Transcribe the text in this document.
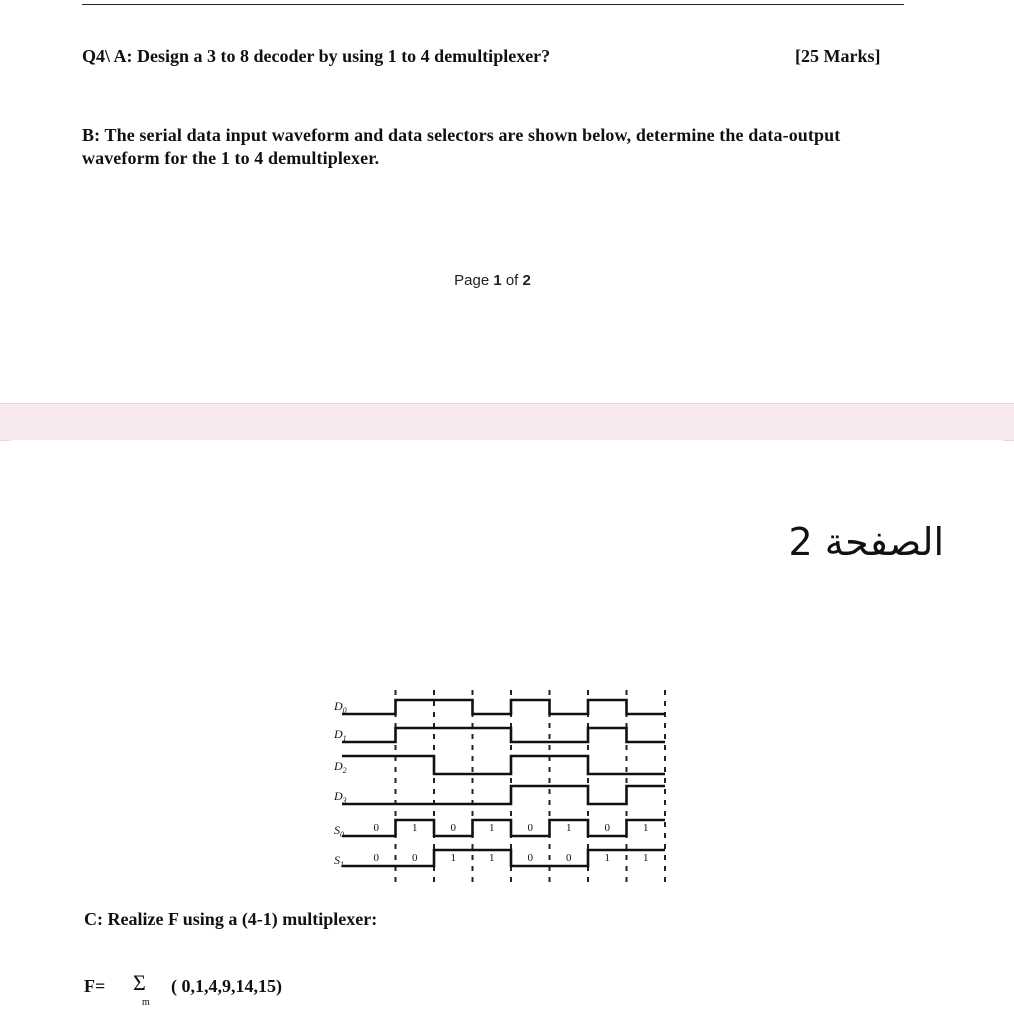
Q4\ A: Design a 3 to 8 decoder by using 1 to 4 demultiplexer?	[25 Marks]
B: The serial data input waveform and data selectors are shown below, determine the data-output waveform for the 1 to 4 demultiplexer.
Page 1 of 2
الصفحة 2
$D_0$
$D_1$
$D_2$
$D_3$
$S_0$
0	1	0	1	0	1	0	1
$S_1$
0	0	1	1	0	0	1	1
C: Realize F using a (4-1) multiplexer:
F= Σ
m
( 0,1,4,9,14,15)
